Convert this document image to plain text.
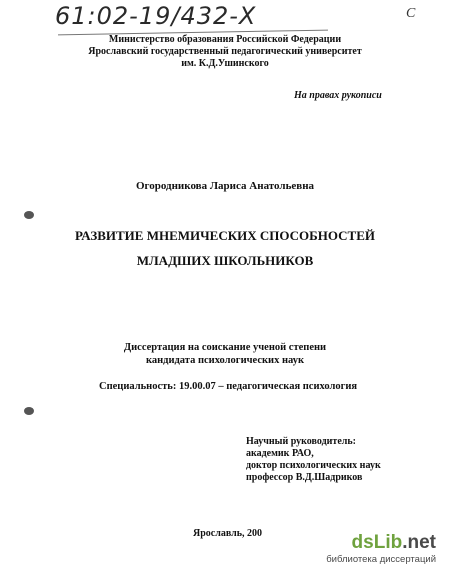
61:02-19/432-Х	С
Министерство образования Российской Федерации
Ярославский государственный педагогический университет
им. К.Д.Ушинского
На правах рукописи
Огородникова Лариса Анатольевна
РАЗВИТИЕ МНЕМИЧЕСКИХ СПОСОБНОСТЕЙ
МЛАДШИХ ШКОЛЬНИКОВ
Диссертация на соискание ученой степени
кандидата психологических наук
Специальность: 19.00.07 – педагогическая психология
Научный руководитель:
академик РАО,
доктор психологических наук
профессор В.Д.Шадриков
Ярославль, 200	dsLib.net
библиотека диссертаций
